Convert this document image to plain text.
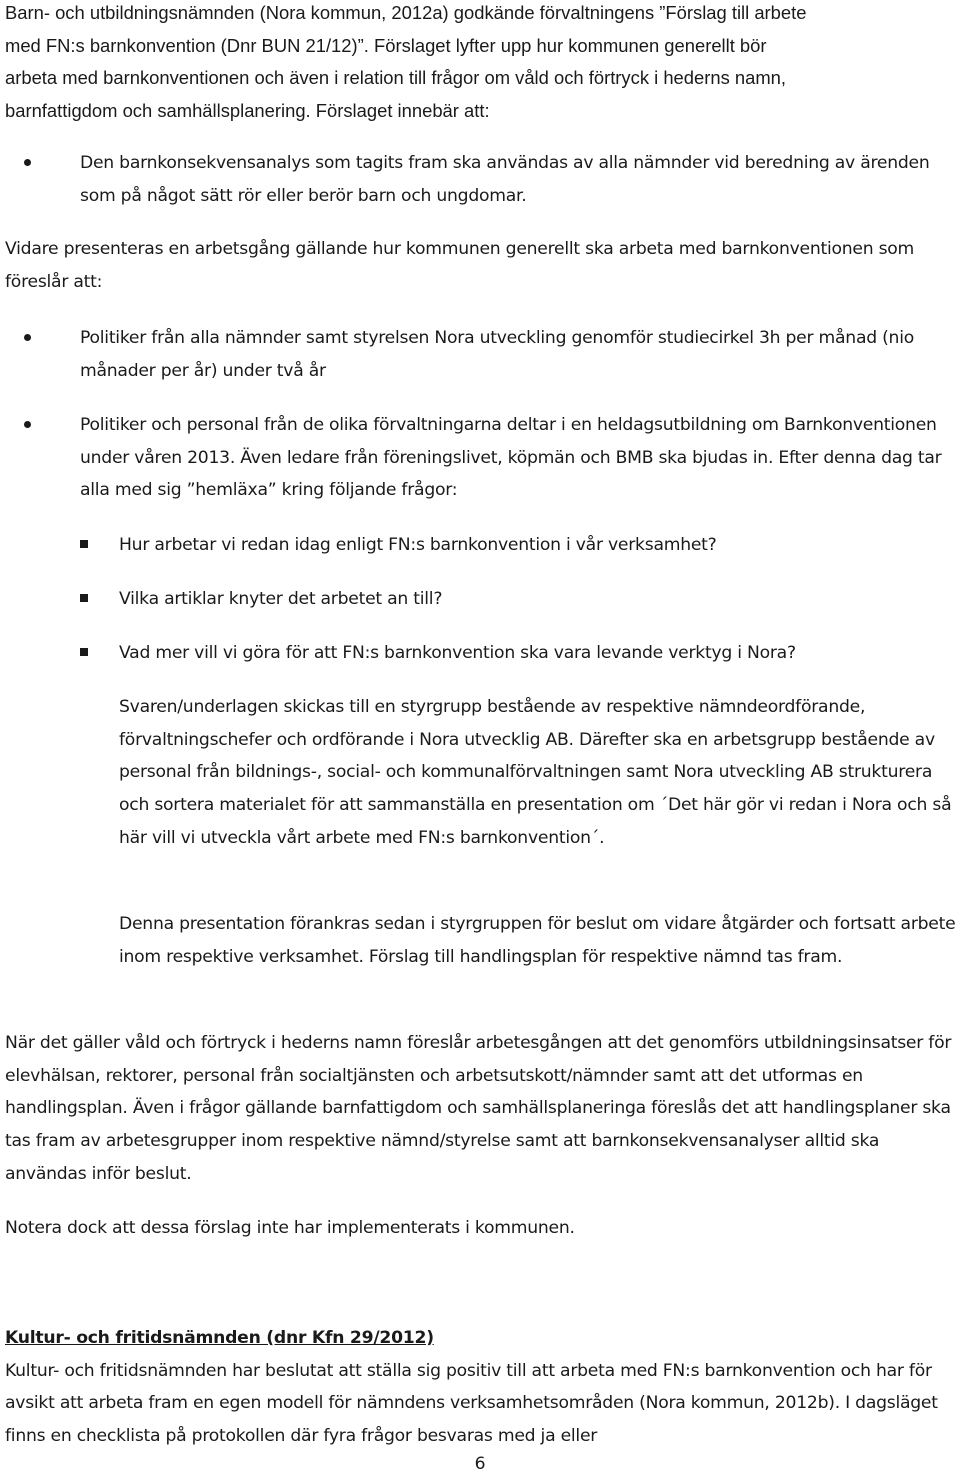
Barn- och utbildningsnämnden (Nora kommun, 2012a) godkände förvaltningens ”Förslag till arbete

med FN:s barnkonvention (Dnr BUN 21/12)”. Förslaget lyfter upp hur kommunen generellt bör

arbeta med barnkonventionen och även i relation till frågor om våld och förtryck i hederns namn,

barnfattigdom och samhällsplanering. Förslaget innebär att:

Den barnkonsekvensanalys som tagits fram ska användas av alla nämnder vid beredning av ärenden som på något sätt rör eller berör barn och ungdomar.

Vidare presenteras en arbetsgång gällande hur kommunen generellt ska arbeta med barnkonventionen som föreslår att:

Politiker från alla nämnder samt styrelsen Nora utveckling genomför studiecirkel 3h per månad (nio månader per år) under två år

Politiker och personal från de olika förvaltningarna deltar i en heldagsutbildning om Barnkonventionen under våren 2013. Även ledare från föreningslivet, köpmän och BMB ska bjudas in. Efter denna dag tar alla med sig ”hemläxa” kring följande frågor:

Hur arbetar vi redan idag enligt FN:s barnkonvention i vår verksamhet?

Vilka artiklar knyter det arbetet an till?

Vad mer vill vi göra för att FN:s barnkonvention ska vara levande verktyg i Nora?

Svaren/underlagen skickas till en styrgrupp bestående av respektive nämndeordförande, förvaltningschefer och ordförande i Nora utvecklig AB. Därefter ska en arbetsgrupp bestående av personal från bildnings-, social- och kommunalförvaltningen samt Nora utveckling AB strukturera och sortera materialet för att sammanställa en presentation om ´Det här gör vi redan i Nora och så här vill vi utveckla vårt arbete med FN:s barnkonvention´.

Denna presentation förankras sedan i styrgruppen för beslut om vidare åtgärder och fortsatt arbete inom respektive verksamhet. Förslag till handlingsplan för respektive nämnd tas fram.

När det gäller våld och förtryck i hederns namn föreslår arbetesgången att det genomförs utbildningsinsatser för elevhälsan, rektorer, personal från socialtjänsten och arbetsutskott/nämnder samt att det utformas en handlingsplan. Även i frågor gällande barnfattigdom och samhällsplaneringa föreslås det att handlingsplaner ska tas fram av arbetesgrupper inom respektive nämnd/styrelse samt att barnkonsekvensanalyser alltid ska användas inför beslut.

Notera dock att dessa förslag inte har implementerats i kommunen.

Kultur- och fritidsnämnden (dnr Kfn 29/2012)

Kultur- och fritidsnämnden har beslutat att ställa sig positiv till att arbeta med FN:s barnkonvention och har för avsikt att arbeta fram en egen modell för nämndens verksamhetsområden (Nora kommun, 2012b). I dagsläget finns en checklista på protokollen där fyra frågor besvaras med ja eller

6
